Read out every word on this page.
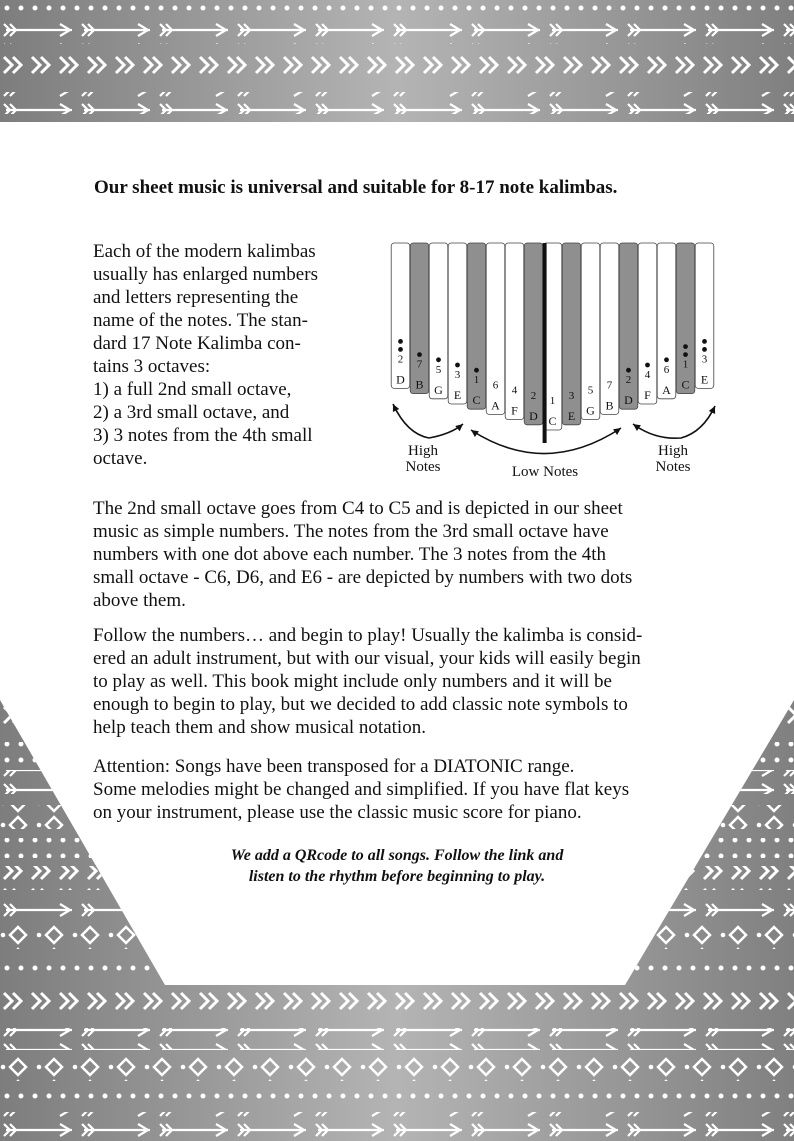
Our sheet music is universal and suitable for 8-17 note kalimbas.

Each of the modern kalimbas
usually has enlarged numbers
and letters representing the
name of the notes. The stan-
dard 17 Note Kalimba con-
tains 3 octaves:
1) a full 2nd small octave,
2) a 3rd small octave, and
3) 3 notes from the 4th small
octave.

D
2
B
7
G
5
E
3
C
1
A
6
F
4
D
2
C
1
E
3
G
5
B
7
D
2
F
4
A
6
C
1
E
3
High
Notes	Low Notes
High
Notes

The 2nd small octave goes from C4 to C5 and is depicted in our sheet
music as simple numbers. The notes from the 3rd small octave have
numbers with one dot above each number. The 3 notes from the 4th
small octave - C6, D6, and E6 - are depicted by numbers with two dots
above them.

Follow the numbers… and begin to play! Usually the kalimba is consid-
ered an adult instrument, but with our visual, your kids will easily begin
to play as well. This book might include only numbers and it will be
enough to begin to play, but we decided to add classic note symbols to
help teach them and show musical notation.

Attention: Songs have been transposed for a DIATONIC range.
Some melodies might be changed and simplified. If you have flat keys
on your instrument, please use the classic music score for piano.

We add a QRcode to all songs. Follow the link and
listen to the rhythm before beginning to play.
